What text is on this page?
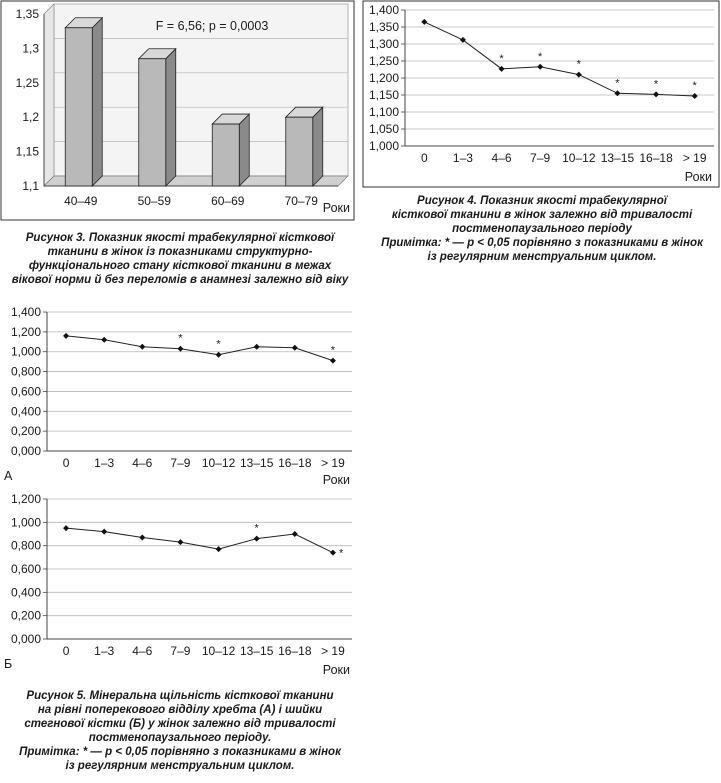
1,1
1,15
1,2
1,25
1,3
1,35
40–49	50–59	60–69	70–79
F = 6,56; p = 0,0003
Роки
1,000
1,050
1,100
1,150
1,200
1,250
1,300
1,350
1,400
0 1–3
*
4–6
*
7–9
*
10–12
*
13–15
*
16–18
*
> 19
Роки
0,000
0,200
0,400
0,600
0,800
1,000
1,200
1,400
0 1–3 4–6
*
7–9
*
10–12 13–15 16–18
*
> 19
Роки
А
0,000
0,200
0,400
0,600
0,800
1,000
1,200
0 1–3 4–6 7–9 10–12
*
13–15 16–18
*
> 19
Роки
Б
Рисунок 3. Показник якості трабекулярної кісткової
тканини в жінок із показниками структурно-
функціонального стану кісткової тканини в межах
вікової норми й без переломів в анамнезі залежно від віку
Рисунок 4. Показник якості трабекулярної
кісткової тканини в жінок залежно від тривалості
постменопаузального періоду
Примітка: * — р < 0,05 порівняно з показниками в жінок
із регулярним менструальним циклом.
Рисунок 5. Мінеральна щільність кісткової тканини
на рівні поперекового відділу хребта (А) і шийки
стегнової кістки (Б) у жінок залежно від тривалості
постменопаузального періоду.
Примітка: * — р < 0,05 порівняно з показниками в жінок
із регулярним менструальним циклом.
